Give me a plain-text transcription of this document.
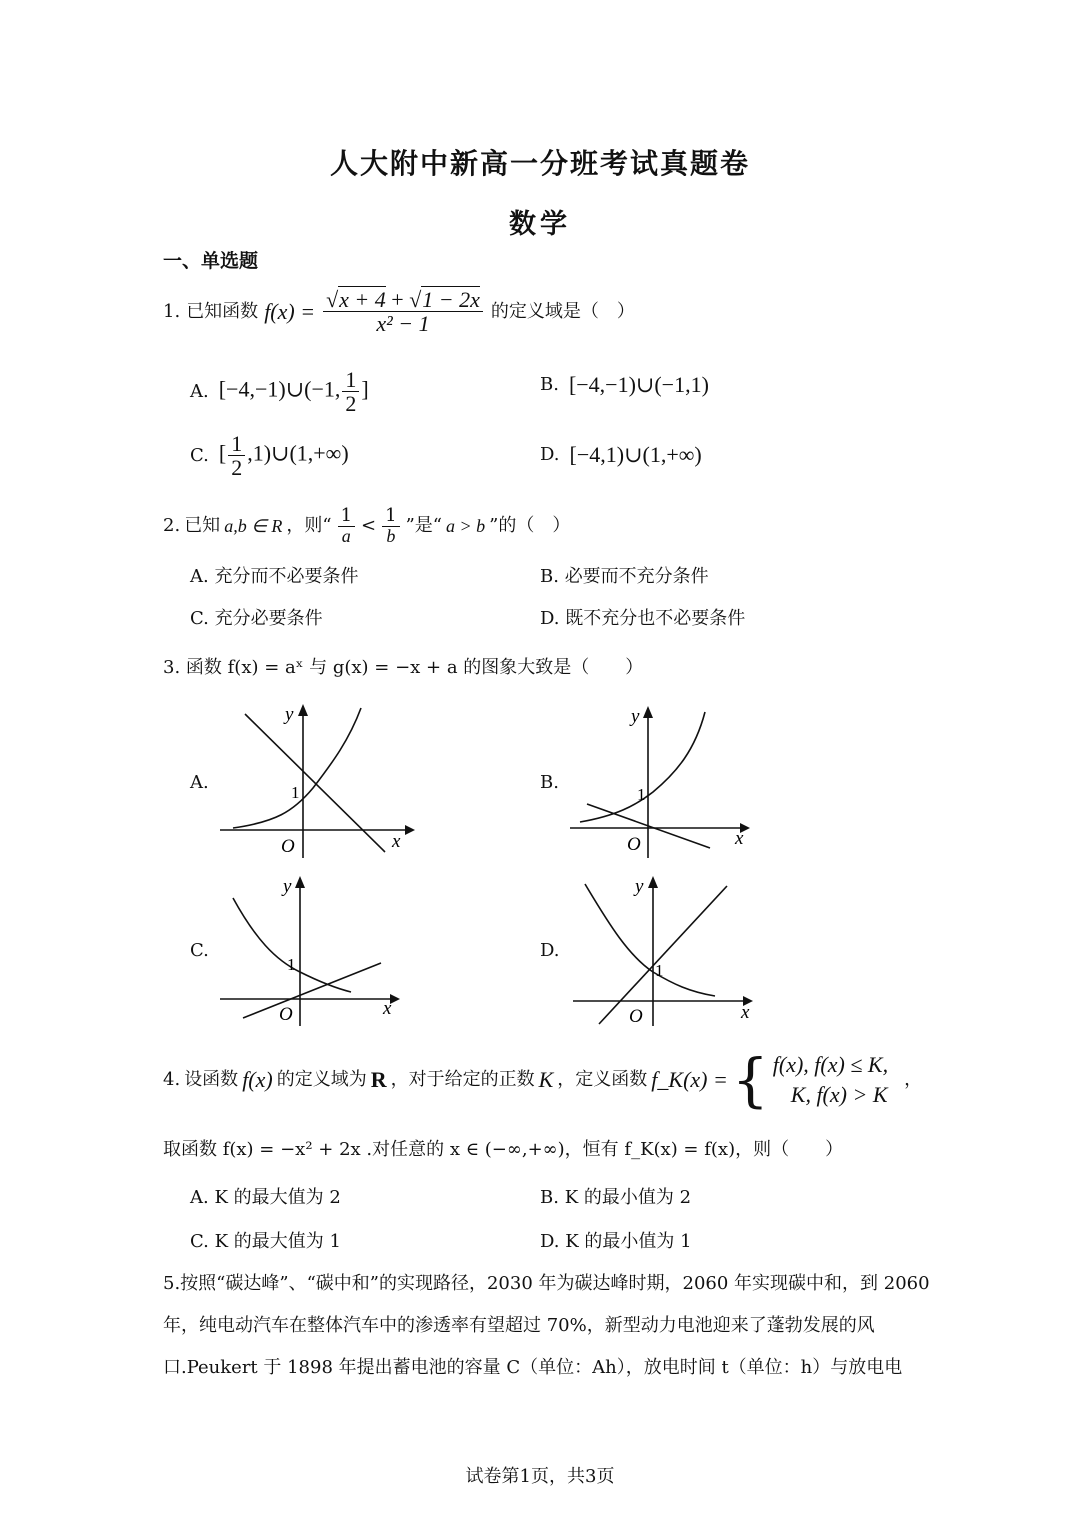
人大附中新高一分班考试真题卷
数学
一、单选题
1. 已知函数 $f(x) = \frac{√x + 4 + √1 - 2x}{\text{x² − 1}}$ 的定义域是（　）
A. [−4,−1)∪(−1, $\frac{1}{2}$ ]	B. [−4,−1)∪(−1,1)
C. [ $\frac{1}{2}$ ,1)∪(1,+∞)	D. [−4,1)∪(1,+∞)
2. 已知 a,b ∈ R ，则“ $\frac{1}{a} < \frac{1}{b}$ ”是“ a > b ”的（　）
A. 充分而不必要条件	B. 必要而不充分条件
C. 充分必要条件	D. 既不充分也不必要条件
3. 函数 f(x) = aˣ 与 g(x) = −x + a 的图象大致是（　　）
A.
y
x
O
1	B.
y
x
O
1
C.
y
x
O
1
D.
y
x
O
1
4. 设函数 f(x) 的定义域为 R ，对于给定的正数 K ，定义函数 f_K(x) = { f(x), f(x) ≤ K,
K, f(x) > K
，
取函数 f(x) = −x² + 2x .对任意的 x ∈ (−∞,+∞)，恒有 f_K(x) = f(x)，则（　　）
A. K 的最大值为 2	B. K 的最小值为 2
C. K 的最大值为 1	D. K 的最小值为 1
5.按照“碳达峰”、“碳中和”的实现路径，2030 年为碳达峰时期，2060 年实现碳中和，到 2060
年，纯电动汽车在整体汽车中的渗透率有望超过 70%，新型动力电池迎来了蓬勃发展的风
口.Peukert 于 1898 年提出蓄电池的容量 C（单位：Ah），放电时间 t（单位：h）与放电电
试卷第1页，共3页
